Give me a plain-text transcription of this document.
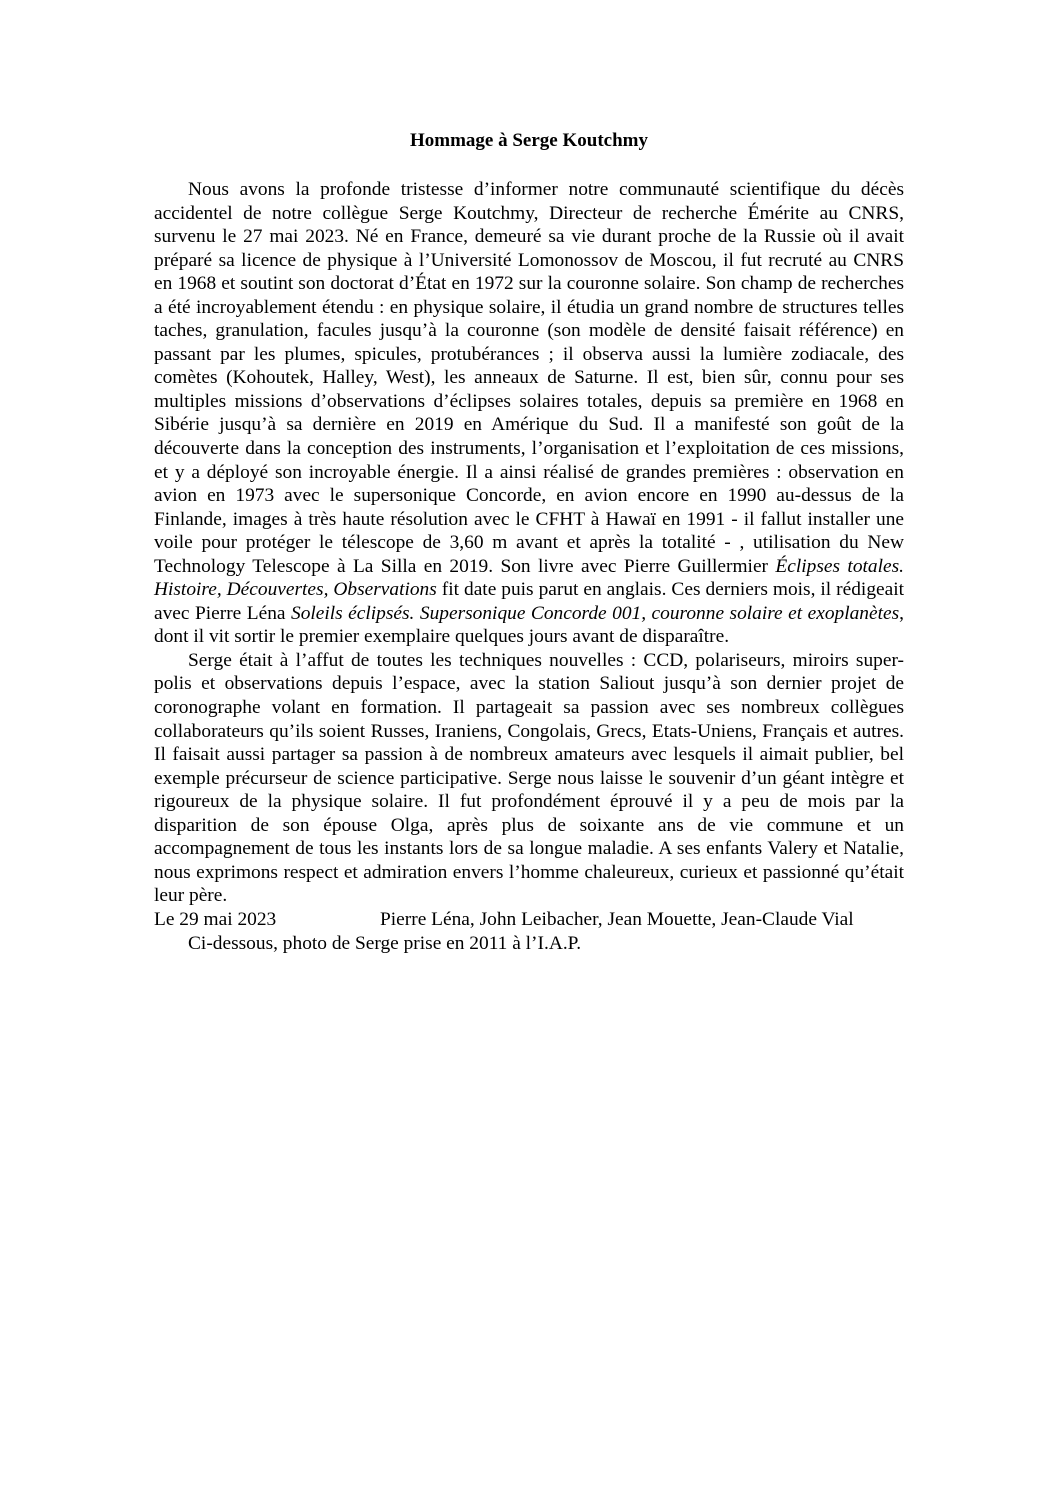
Hommage à Serge Koutchmy

Nous avons la profonde tristesse d’informer notre communauté scientifique du décès accidentel de notre collègue Serge Koutchmy, Directeur de recherche Émérite au CNRS, survenu le 27 mai 2023. Né en France, demeuré sa vie durant proche de la Russie où il avait préparé sa licence de physique à l’Université Lomonossov de Moscou, il fut recruté au CNRS en 1968 et soutint son doctorat d’État en 1972 sur la couronne solaire. Son champ de recherches a été incroyablement étendu : en physique solaire, il étudia un grand nombre de structures telles taches, granulation, facules jusqu’à la couronne (son modèle de densité faisait référence) en passant par les plumes, spicules, protubérances ; il observa aussi la lumière zodiacale, des comètes (Kohoutek, Halley, West), les anneaux de Saturne. Il est, bien sûr, connu pour ses multiples missions d’observations d’éclipses solaires totales, depuis sa première en 1968 en Sibérie jusqu’à sa dernière en 2019 en Amérique du Sud. Il a manifesté son goût de la découverte dans la conception des instruments, l’organisation et l’exploitation de ces missions, et y a déployé son incroyable énergie. Il a ainsi réalisé de grandes premières : observation en avion en 1973 avec le supersonique Concorde, en avion encore en 1990 au-dessus de la Finlande, images à très haute résolution avec le CFHT à Hawaï en 1991 - il fallut installer une voile pour protéger le télescope de 3,60 m avant et après la totalité - , utilisation du New Technology Telescope à La Silla en 2019. Son livre avec Pierre Guillermier Éclipses totales. Histoire, Découvertes, Observations fit date puis parut en anglais. Ces derniers mois, il rédigeait avec Pierre Léna Soleils éclipsés. Supersonique Concorde 001, couronne solaire et exoplanètes, dont il vit sortir le premier exemplaire quelques jours avant de disparaître.

Serge était à l’affut de toutes les techniques nouvelles : CCD, polariseurs, miroirs super-polis et observations depuis l’espace, avec la station Saliout jusqu’à son dernier projet de coronographe volant en formation. Il partageait sa passion avec ses nombreux collègues collaborateurs qu’ils soient Russes, Iraniens, Congolais, Grecs, Etats-Uniens, Français et autres. Il faisait aussi partager sa passion à de nombreux amateurs avec lesquels il aimait publier, bel exemple précurseur de science participative. Serge nous laisse le souvenir d’un géant intègre et rigoureux de la physique solaire. Il fut profondément éprouvé il y a peu de mois par la disparition de son épouse Olga, après plus de soixante ans de vie commune et un accompagnement de tous les instants lors de sa longue maladie. A ses enfants Valery et Natalie, nous exprimons respect et admiration envers l’homme chaleureux, curieux et passionné qu’était leur père.

Le 29 mai 2023	Pierre Léna, John Leibacher, Jean Mouette, Jean-Claude Vial

Ci-dessous, photo de Serge prise en 2011 à l’I.A.P.
